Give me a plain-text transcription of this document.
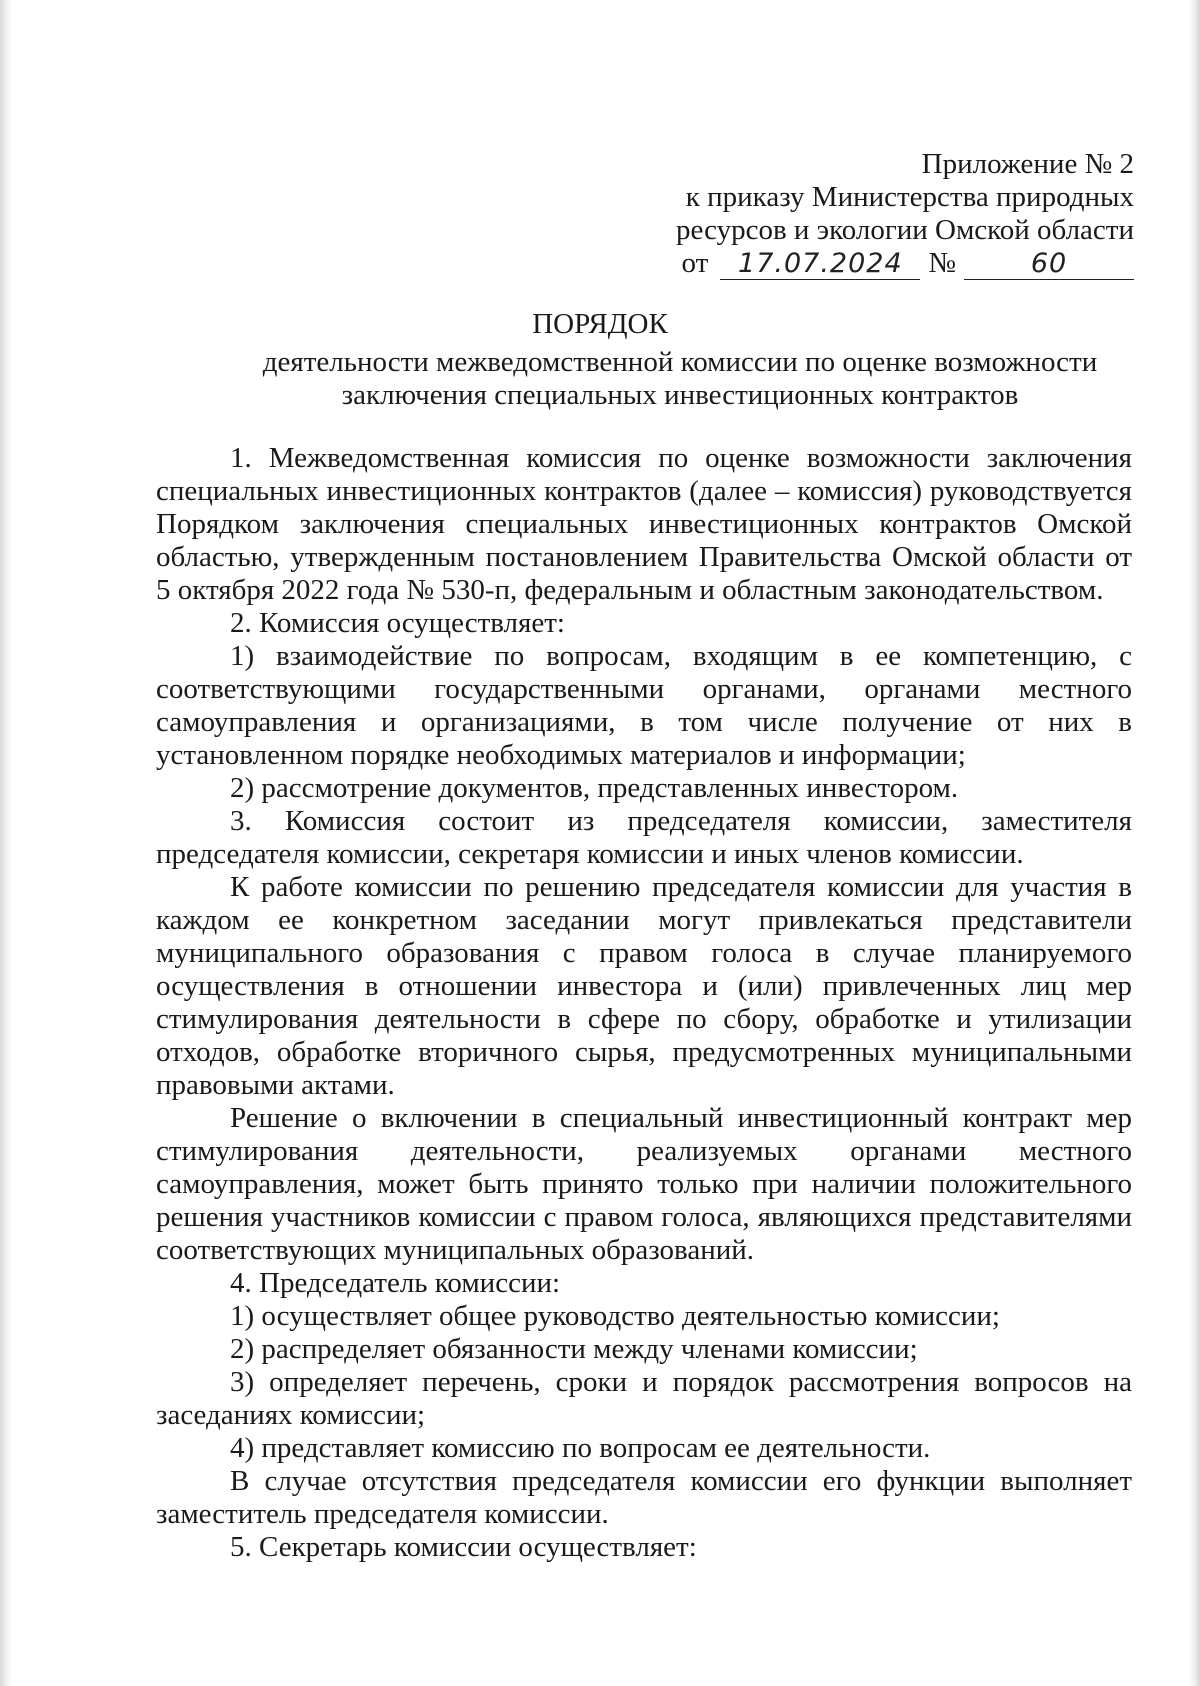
Приложение № 2
к приказу Министерства природных
ресурсов и экологии Омской области
от	17.07.2024 №	60
ПОРЯДОК
деятельности межведомственной комиссии по оценке возможности
заключения специальных инвестиционных контрактов

1. Межведомственная комиссия по оценке возможности заключения специальных инвестиционных контрактов (далее – комиссия) руководствуется Порядком заключения специальных инвестиционных контрактов Омской областью, утвержденным постановлением Правительства Омской области от 5 октября 2022 года № 530-п, федеральным и областным законодательством.

2. Комиссия осуществляет:

1) взаимодействие по вопросам, входящим в ее компетенцию, с соответствующими государственными органами, органами местного самоуправления и организациями, в том числе получение от них в установленном порядке необходимых материалов и информации;

2) рассмотрение документов, представленных инвестором.

3. Комиссия состоит из председателя комиссии, заместителя председателя комиссии, секретаря комиссии и иных членов комиссии.

К работе комиссии по решению председателя комиссии для участия в каждом ее конкретном заседании могут привлекаться представители муниципального образования с правом голоса в случае планируемого осуществления в отношении инвестора и (или) привлеченных лиц мер стимулирования деятельности в сфере по сбору, обработке и утилизации отходов, обработке вторичного сырья, предусмотренных муниципальными правовыми актами.

Решение о включении в специальный инвестиционный контракт мер стимулирования деятельности, реализуемых органами местного самоуправления, может быть принято только при наличии положительного решения участников комиссии с правом голоса, являющихся представителями соответствующих муниципальных образований.

4. Председатель комиссии:

1) осуществляет общее руководство деятельностью комиссии;

2) распределяет обязанности между членами комиссии;

3) определяет перечень, сроки и порядок рассмотрения вопросов на заседаниях комиссии;

4) представляет комиссию по вопросам ее деятельности.

В случае отсутствия председателя комиссии его функции выполняет заместитель председателя комиссии.

5. Секретарь комиссии осуществляет:
